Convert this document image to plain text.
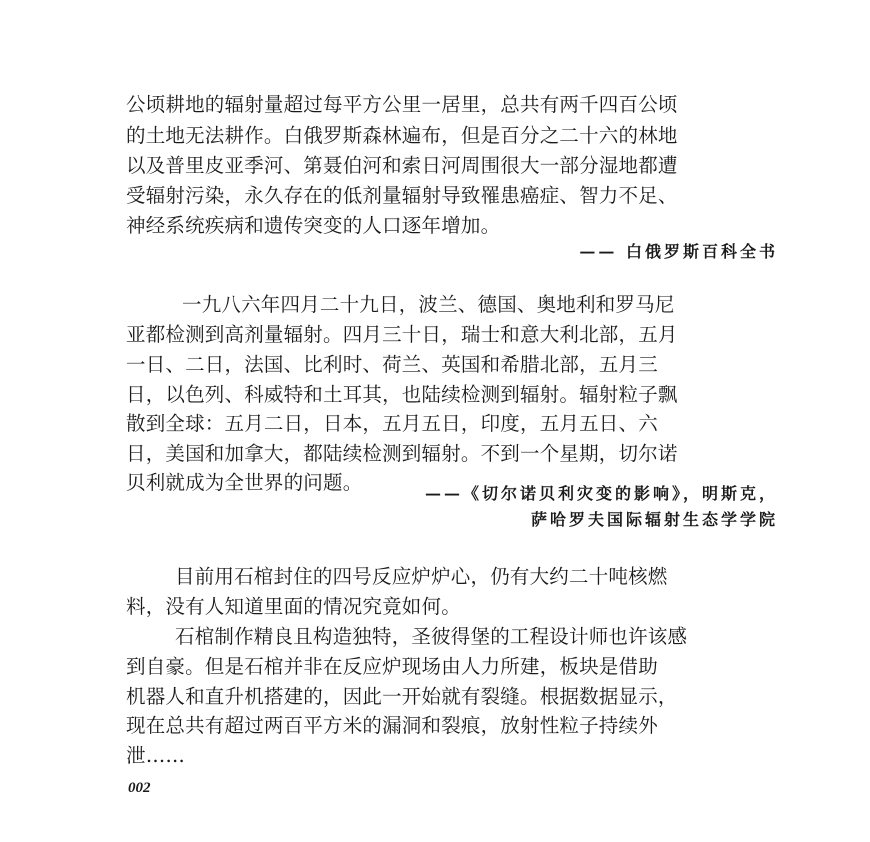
公顷耕地的辐射量超过每平方公里一居里，总共有两千四百公顷
的土地无法耕作。白俄罗斯森林遍布，但是百分之二十六的林地
以及普里皮亚季河、第聂伯河和索日河周围很大一部分湿地都遭
受辐射污染，永久存在的低剂量辐射导致罹患癌症、智力不足、
神经系统疾病和遗传突变的人口逐年增加。
—— 白俄罗斯百科全书
一九八六年四月二十九日，波兰、德国、奥地利和罗马尼
亚都检测到高剂量辐射。四月三十日，瑞士和意大利北部，五月
一日、二日，法国、比利时、荷兰、英国和希腊北部，五月三
日，以色列、科威特和土耳其，也陆续检测到辐射。辐射粒子飘
散到全球：五月二日，日本，五月五日，印度，五月五日、六
日，美国和加拿大，都陆续检测到辐射。不到一个星期，切尔诺
贝利就成为全世界的问题。	——《切尔诺贝利灾变的影响》，明斯克，
萨哈罗夫国际辐射生态学学院
目前用石棺封住的四号反应炉炉心，仍有大约二十吨核燃
料，没有人知道里面的情况究竟如何。
石棺制作精良且构造独特，圣彼得堡的工程设计师也许该感
到自豪。但是石棺并非在反应炉现场由人力所建，板块是借助
机器人和直升机搭建的，因此一开始就有裂缝。根据数据显示，
现在总共有超过两百平方米的漏洞和裂痕，放射性粒子持续外
泄……
002
